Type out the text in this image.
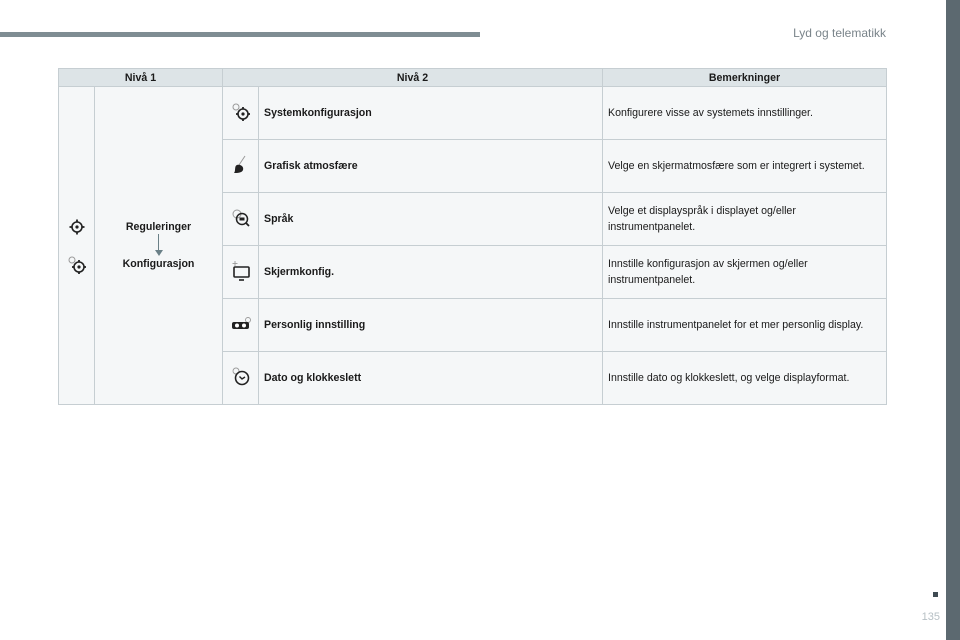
Lyd og telematikk
135
Nivå 1		Nivå 2		Bemerkninger

Reguleringer
Konfigurasjon		Systemkonfigurasjon	Konfigurere visse av systemets innstillinger.

	Grafisk atmosfære	Velge en skjermatmosfære som er integrert i systemet.

	Språk	Velge et displayspråk i displayet og/eller instrumentpanelet.

	Skjermkonfig.	Innstille konfigurasjon av skjermen og/eller instrumentpanelet.

	Personlig innstilling	Innstille instrumentpanelet for et mer personlig display.

	Dato og klokkeslett	Innstille dato og klokkeslett, og velge displayformat.
